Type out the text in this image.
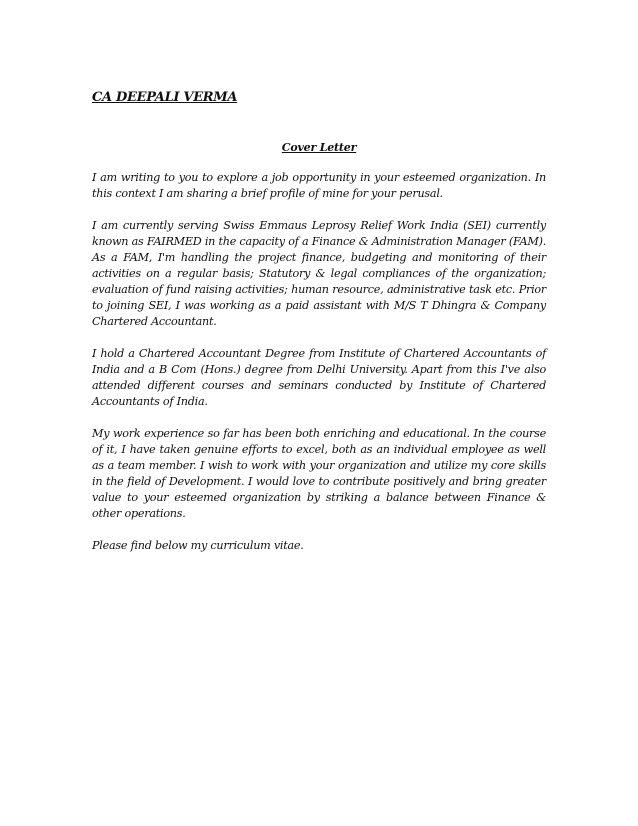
CA DEEPALI VERMA
Cover Letter

I am writing to you to explore a job opportunity in your esteemed organization. In this context I am sharing a brief profile of mine for your perusal.

I am currently serving Swiss Emmaus Leprosy Relief Work India (SEI) currently known as FAIRMED in the capacity of a Finance & Administration Manager (FAM). As a FAM, I'm handling the project finance, budgeting and monitoring of their activities on a regular basis; Statutory & legal compliances of the organization; evaluation of fund raising activities; human resource, administrative task etc. Prior to joining SEI, I was working as a paid assistant with M/S T Dhingra & Company Chartered Accountant.

I hold a Chartered Accountant Degree from Institute of Chartered Accountants of India and a B Com (Hons.) degree from Delhi University. Apart from this I've also attended different courses and seminars conducted by Institute of Chartered Accountants of India.

My work experience so far has been both enriching and educational. In the course of it, I have taken genuine efforts to excel, both as an individual employee as well as a team member. I wish to work with your organization and utilize my core skills in the field of Development. I would love to contribute positively and bring greater value to your esteemed organization by striking a balance between Finance & other operations.

Please find below my curriculum vitae.
